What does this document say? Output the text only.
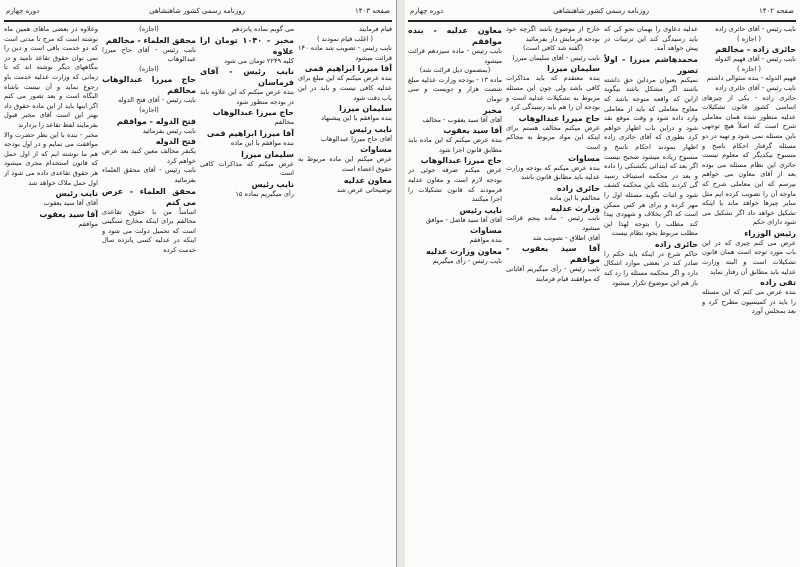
صفحه ۱۴۰۲
روزنامه رسمی کشور شاهنشاهی
دوره چهارم

نایب رئیس - آقای حائری زاده

( اجازه )

حائری زاده - مخالفم

نایب رئیس - آقای فهیم الدوله

( اجازه )

فهیم الدوله - بنده سئوالی داشتم

نایب رئیس - آقای حائری زاده

حائری زاده - یکی از چیزهای اساسی کشور قانون تشکیلات عدلیه منظور شده همان معاملی شرح است که اصلاً هیچ توجهی باین مسئله نمی شود و تهیه در دو مسئله گرفتار احکام ناسخ و منسوخ بیکدیگر که معلوم نیست حائری این نظام مسئله می بوده بعد از آقای معاون می خواهم بپرسم که این معاملی شرح که ماوجه آن را تصویب کرده ایم مثل سایر چیزها خواهد ماند یا اینکه تشکیل خواهد داد اگر تشکیل می شود دارای حکم

رئیس الوزراء

عرض می کنم چیزی که در این باب مورد توجه است همان قانون تشکیلات است و البته وزارت عدلیه باید مطابق آن رفتار نماید

تقی زاده

بنده عرض می کنم که این مسئله را باید در کمیسیون مطرح کرد و بعد بمجلس آورد

عدلیه دعاوی را بهمان نحو کی که باید رسیدگی کند این ترتیبات در پیش خواهد آمد.

محمدهاشم میرزا - اولاً تصور

نمیکنم بعنوان مرداین حق داشته باشند اگر مشکل باشد بیگوید ازاین که واقعه متوجه باشد که معاوح معاملی که باید از معاملی وارد داده شود و وقت موقع نقد شود و دراین باب اظهار خواهم کرد بطوری که آقای حائری زاده اظهار نمودند احکام ناسخ و منسوخ زیاده میشود صحیح نیست اگر بعد که ابتدائی بکشنکی را داده و بعد در محکمه استیناف رسید گی کردند بلکه باین محکمه کشف شود و اثبات بگوید مسئله اول را مهر کرده و برای هر کس ممکن است که اگر بخلاف و شهودی پیدا کند مطلب را بتوجه لهذا این مطلب مربوط بخود نظام نیست

حائری زاده

حاکم شرع در اینکه باید حکم را صادر کند در بعضی موارد اشکال دارد و اگر محکمه مسئله را رد کند باز هم این موضوع تکرار میشود

خارج از موضوع باشد اگرچه خود بودجه فرمایش دار بفرمائید

(گفته شد کافی است)

نایب رئیس - آقای سلیمان میرزا

سلیمان میرزا

بنده معتقدم که باید مذاکرات کافی باشد ولی چون این مسئله مربوط به تشکیلات عدلیه است و بودجه آن را هم باید رسیدگی کرد

حاج میرزا عبدالوهاب

عرض میکنم مخالف هستم برای اینکه این مواد مربوط به محاکم است

مساوات

بنده عرض میکنم که بودجه وزارت عدلیه باید مطابق قانون باشد

حائری زاده

مخالفم با این ماده

وزارت عدلیه

نایب رئیس - ماده پنجم قرائت میشود

آقای اطلاق - تصویب شد

آقا سید یعقوب - موافقم

نایب رئیس - رأی میگیریم آقایانی که موافقند قیام فرمایند

معاون عدلیه - بنده موافقم

نایب رئیس - ماده سیزدهم قرائت میشود

(بمضمون ذیل قرائت شد)

ماده ۱۳ - بودجه وزارت عدلیه مبلغ شصت هزار و دویست و سی تومان

مخبر

آقای آقا سید یعقوب - مخالف

آقا سید یعقوب

بنده عرض میکنم که این ماده باید مطابق قانون اجرا شود

حاج میرزا عبدالوهاب

عرض میکنم صرفه جوئی در بودجه لازم است و معاون عدلیه فرمودند که قانون تشکیلات را اجرا میکنند

نایب رئیس

آقای آقا سید فاضل - موافق

مساوات

بنده موافقم

معاون وزارت عدلیه

نایب رئیس - رأی میگیریم

صفحه ۱۴۰۳
روزنامه رسمی کشور شاهنشاهی
دوره چهارم

قیام فرمایند

( اغلب قیام نمودند )

نایب رئیس - تصویب شد ماده ۱۴۰ قرائت میشود

آقا میرزا ابراهیم قمی

بنده عرض میکنم که این مبلغ برای عدلیه کافی نیست و باید در این باب دقت شود

سلیمان میرزا

بنده موافقم با این پیشنهاد

نایب رئیس

آقای حاج میرزا عبدالوهاب

مساوات

عرض میکنم این ماده مربوط به حقوق اعضاء است

معاون عدلیه

توضیحاتی عرض شد

می گویم بماده پانزدهم

مخبر - ۱۰۴۰ تومان ارا علاوه

کلیه ۲۲۴۹ تومان می شود

نایب رئیس - آقای فرماسان

بنده عرض میکنم که این علاوه باید در بودجه منظور شود

حاج میرزا عبدالوهاب

مخالفم

آقا میرزا ابراهیم قمی

بنده موافقم با این ماده

سلیمان میرزا

عرض میکنم که مذاکرات کافی است

نایب رئیس

رأی میگیریم بماده ۱۵

(اجازه)

محقق العلماء - مخالفم

نایب رئیس - آقای حاج میرزا عبدالوهاب

(اجازه)

حاج میرزا عبدالوهاب مخالفم

نایب رئیس - آقای فتح الدوله

(اجازه)

فتح الدوله - موافقم

نایب رئیس بفرمائید

فتح الدوله

یکنفر مخالف معین کنید بعد عرض خواهم کرد

نایب رئیس - آقای محقق العلماء بفرمائید

محقق العلماء - عرض می کنم

اساساً من با حقوق تقاعدی مخالفم برای اینکه مخارج سنگینی است که تحمیل دولت می شود و اینکه در عدلیه کسی پانزده سال خدمت کرده

وعلاوه در بعضی ماهای همین ماه نوشته است که مرج تا مدتی است که دو خدمت باقی است و دین را نمی توان حقوق تقاعد نامید و در بنگاههای دیگر نوشته اند که تا زمانی که وزارت عدلیه خدمت باو رجوع نماید و آن نیست باشاه البگاه است و بعد تصور می کنم اگر اینها باید از این ماده حقوق داد بهتر این است آقای مخبر قبول بفرمایند لفظ تقاعد را بردارند

مخبر - بنده با این نظر حضرت والا موافقت می نمایم و در اول بودجه هم ما نوشته ایم که از اول حمل که قانون استخدام مجری میشود هر حقوق تقاعدی داده می شود از اول حمل ملاک خواهد شد

نایب رئیس

آقای آقا سید یعقوب

آقا سید یعقوب

موافقم
